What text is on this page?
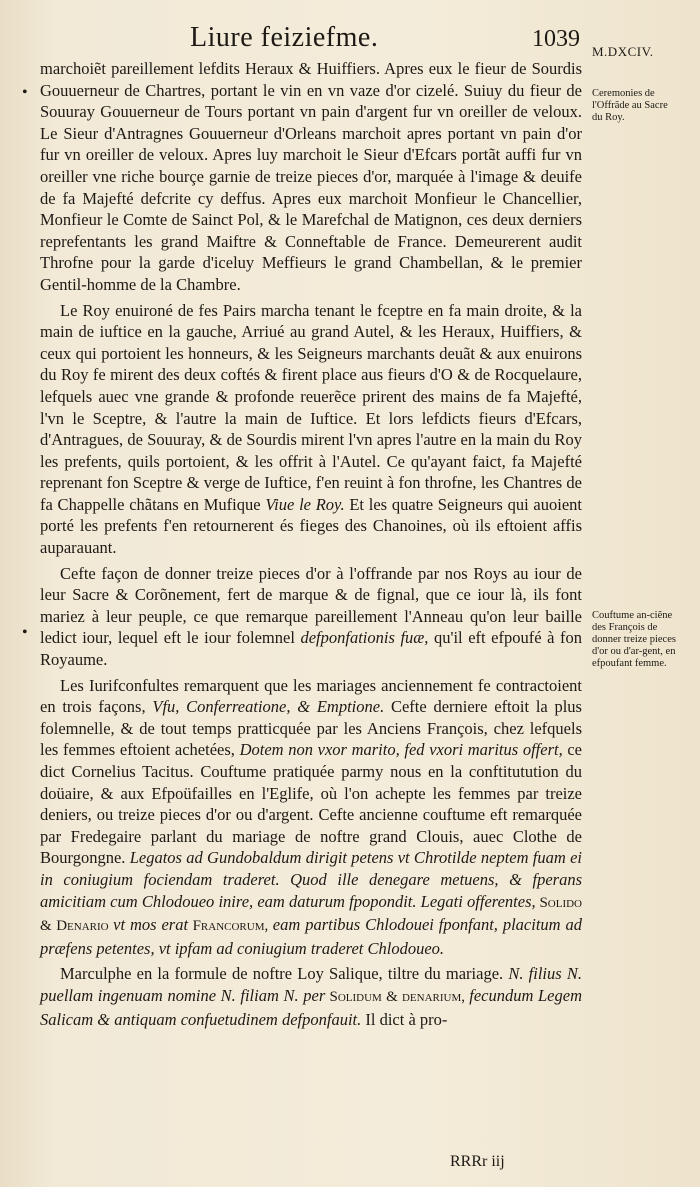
Liure feiziefme.	1039 M.DXCIV.
•
•
Ceremonies de l'Offrãde au Sacre du Roy.
Couftume an-ciẽne des François de donner treize pieces d'or ou d'ar-gent, en efpoufant femme.

marchoiẽt pareillement lefdits Heraux & Huiffiers. Apres eux le fieur de Sourdis Gouuerneur de Chartres, portant le vin en vn vaze d'or cizelé. Suiuy du fieur de Souuray Gouuerneur de Tours portant vn pain d'argent fur vn oreiller de veloux. Le Sieur d'Antragnes Gouuerneur d'Orleans marchoit apres portant vn pain d'or fur vn oreiller de veloux. Apres luy marchoit le Sieur d'Efcars portãt auffi fur vn oreiller vne riche bourçe garnie de treize pieces d'or, marquée à l'image & deuife de fa Majefté defcrite cy deffus. Apres eux marchoit Monfieur le Chancellier, Monfieur le Comte de Sainct Pol, & le Marefchal de Matignon, ces deux derniers reprefentants les grand Maiftre & Conneftable de France. Demeurerent audit Throfne pour la garde d'iceluy Meffieurs le grand Chambellan, & le premier Gentil-homme de la Chambre.

Le Roy enuironé de fes Pairs marcha tenant le fceptre en fa main droite, & la main de iuftice en la gauche, Arriué au grand Autel, & les Heraux, Huiffiers, & ceux qui portoient les honneurs, & les Seigneurs marchants deuãt & aux enuirons du Roy fe mirent des deux coftés & firent place aus fieurs d'O & de Rocquelaure, lefquels auec vne grande & profonde reuerẽce prirent des mains de fa Majefté, l'vn le Sceptre, & l'autre la main de Iuftice. Et lors lefdicts fieurs d'Efcars, d'Antragues, de Souuray, & de Sourdis mirent l'vn apres l'autre en la main du Roy les prefents, quils portoient, & les offrit à l'Autel. Ce qu'ayant faict, fa Majefté reprenant fon Sceptre & verge de Iuftice, f'en reuint à fon throfne, les Chantres de fa Chappelle chãtans en Mufique Viue le Roy. Et les quatre Seigneurs qui auoient porté les prefents f'en retournerent és fieges des Chanoines, où ils eftoient affis auparauant.

Cefte façon de donner treize pieces d'or à l'offrande par nos Roys au iour de leur Sacre & Corõnement, fert de marque & de fignal, que ce iour là, ils font mariez à leur peuple, ce que remarque pareillement l'Anneau qu'on leur baille ledict iour, lequel eft le iour folemnel defponfationis fuæ, qu'il eft efpoufé à fon Royaume.

Les Iurifconfultes remarquent que les mariages anciennement fe contractoient en trois façons, Vfu, Conferreatione, & Emptione. Cefte derniere eftoit la plus folemnelle, & de tout temps pratticquée par les Anciens François, chez lefquels les femmes eftoient achetées, Dotem non vxor marito, fed vxori maritus offert, ce dict Cornelius Tacitus. Couftume pratiquée parmy nous en la conftitutution du doüaire, & aux Efpoüfailles en l'Eglife, où l'on achepte les femmes par treize deniers, ou treize pieces d'or ou d'argent. Cefte ancienne couftume eft remarquée par Fredegaire parlant du mariage de noftre grand Clouis, auec Clothe de Bourgongne. Legatos ad Gundobaldum dirigit petens vt Chrotilde neptem fuam ei in coniugium fociendam traderet. Quod ille denegare metuens, & fperans amicitiam cum Chlodoueo inire, eam daturum fpopondit. Legati offerentes, Solido & Denario vt mos erat Francorum, eam partibus Chlodouei fponfant, placitum ad præfens petentes, vt ipfam ad coniugium traderet Chlodoueo.

Marculphe en la formule de noftre Loy Salique, tiltre du mariage. N. filius N. puellam ingenuam nomine N. filiam N. per Solidum & denarium, fecundum Legem Salicam & antiquam confuetudinem defponfauit. Il dict à pro-

RRRr iij
